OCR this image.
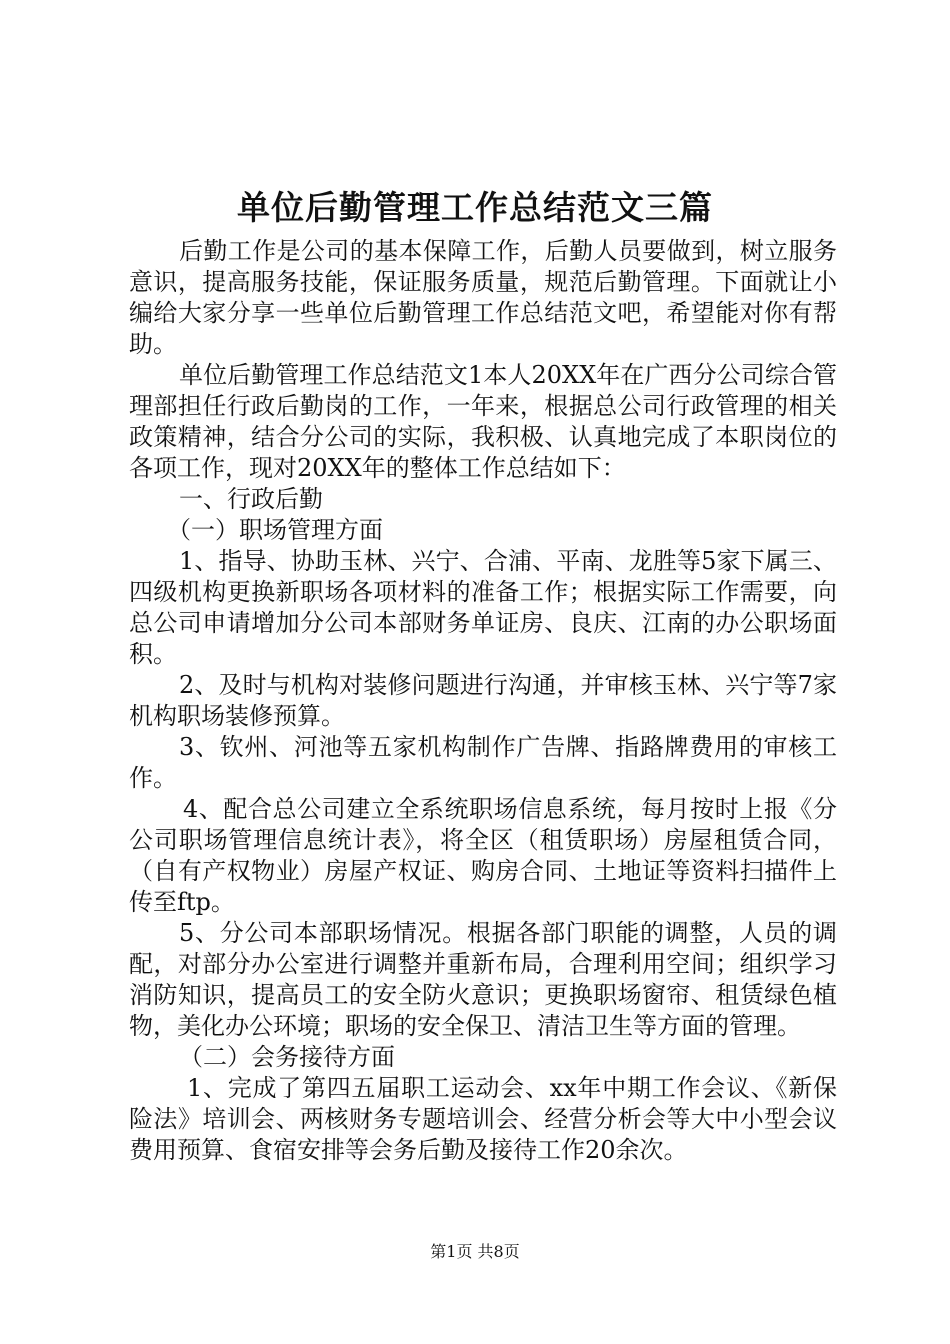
单位后勤管理工作总结范文三篇

后勤工作是公司的基本保障工作，后勤人员要做到，树立服务意识，提高服务技能，保证服务质量，规范后勤管理。下面就让小编给大家分享一些单位后勤管理工作总结范文吧，希望能对你有帮助。

单位后勤管理工作总结范文1本人20XX年在广西分公司综合管理部担任行政后勤岗的工作，一年来，根据总公司行政管理的相关政策精神，结合分公司的实际，我积极、认真地完成了本职岗位的各项工作，现对20XX年的整体工作总结如下：

一、行政后勤

（一）职场管理方面

1、指导、协助玉林、兴宁、合浦、平南、龙胜等5家下属三、四级机构更换新职场各项材料的准备工作；根据实际工作需要，向总公司申请增加分公司本部财务单证房、良庆、江南的办公职场面积。

2、及时与机构对装修问题进行沟通，并审核玉林、兴宁等7家机构职场装修预算。

3、钦州、河池等五家机构制作广告牌、指路牌费用的审核工作。

4、配合总公司建立全系统职场信息系统，每月按时上报《分公司职场管理信息统计表》，将全区（租赁职场）房屋租赁合同，（自有产权物业）房屋产权证、购房合同、土地证等资料扫描件上传至ftp。

5、分公司本部职场情况。根据各部门职能的调整，人员的调配，对部分办公室进行调整并重新布局，合理利用空间；组织学习消防知识，提高员工的安全防火意识；更换职场窗帘、租赁绿色植物，美化办公环境；职场的安全保卫、清洁卫生等方面的管理。

（二）会务接待方面

1、完成了第四五届职工运动会、xx年中期工作会议、《新保险法》培训会、两核财务专题培训会、经营分析会等大中小型会议费用预算、食宿安排等会务后勤及接待工作20余次。

第1页 共8页
